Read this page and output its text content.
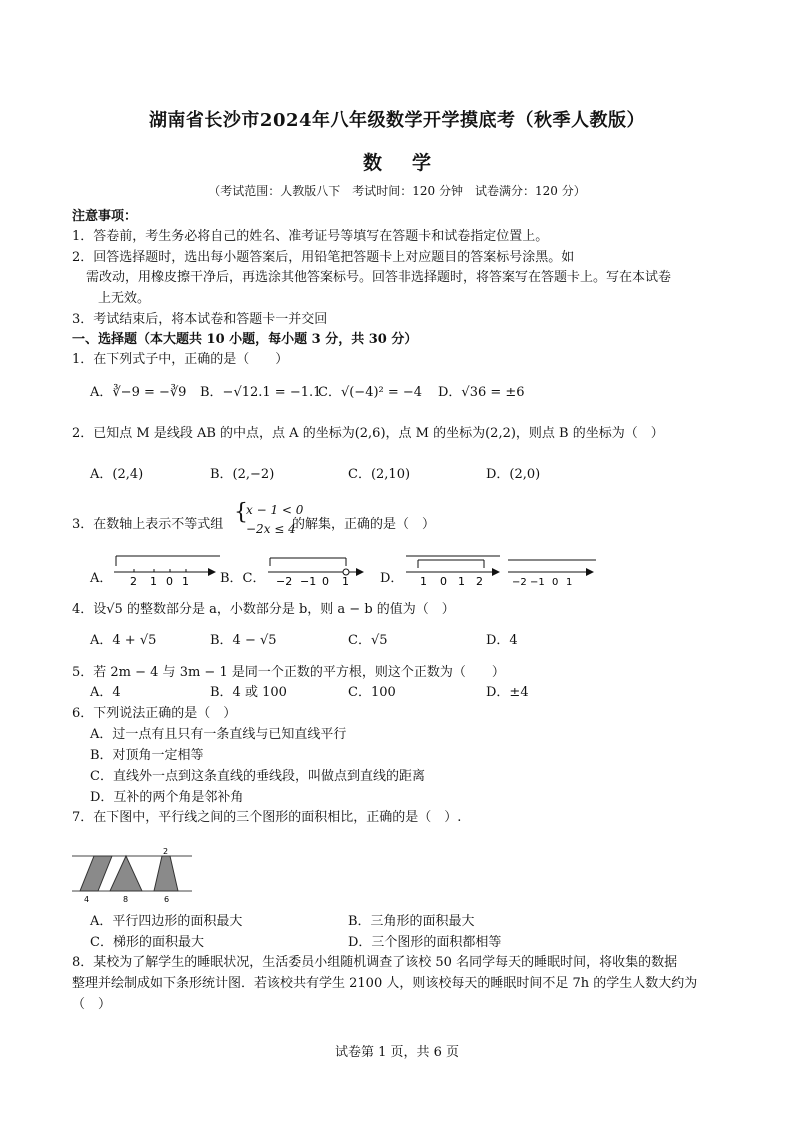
湖南省长沙市2024年八年级数学开学摸底考（秋季人教版）
数学
（考试范围：人教版八下　考试时间：120 分钟　试卷满分：120 分）
注意事项：
1．答卷前，考生务必将自己的姓名、准考证号等填写在答题卡和试卷指定位置上。
2．回答选择题时，选出每小题答案后，用铅笔把答题卡上对应题目的答案标号涂黑。如
需改动，用橡皮擦干净后，再选涂其他答案标号。回答非选择题时，将答案写在答题卡上。写在本试卷
上无效。
3．考试结束后，将本试卷和答题卡一并交回
一、选择题（本大题共 10 小题，每小题 3 分，共 30 分）
1．在下列式子中，正确的是（　　）
A．∛−9 = −∛9 B．−√12.1 = −1.1
C．√(−4)² = −4 D．√36 = ±6
2．已知点 M 是线段 AB 的中点，点 A 的坐标为(2,6)，点 M 的坐标为(2,2)，则点 B 的坐标为（　）
A．(2,4)	B．(2,−2)	C．(2,10)	D．(2,0)
3．在数轴上表示不等式组 {
x − 1 < 0
−2x ≤ 4
的解集，正确的是（　）
A．	B．C．	D．
2 1 0 1	−2 −1 0 1	1 0 1 2	−2 −1 0 1
4．设√5 的整数部分是 a，小数部分是 b，则 a − b 的值为（　）
A．4 + √5	B．4 − √5	C．√5	D．4
5．若 2m − 4 与 3m − 1 是同一个正数的平方根，则这个正数为（　　）
A．4	B．4 或 100	C．100	D．±4
6．下列说法正确的是（　）
A．过一点有且只有一条直线与已知直线平行
B．对顶角一定相等
C．直线外一点到这条直线的垂线段，叫做点到直线的距离
D．互补的两个角是邻补角
7．在下图中，平行线之间的三个图形的面积相比，正确的是（　）.
4	8	6
2
A．平行四边形的面积最大	B．三角形的面积最大
C．梯形的面积最大	D．三个图形的面积都相等
8．某校为了解学生的睡眠状况，生活委员小组随机调查了该校 50 名同学每天的睡眠时间，将收集的数据
整理并绘制成如下条形统计图．若该校共有学生 2100 人，则该校每天的睡眠时间不足 7h 的学生人数大约为
（　）
试卷第 1 页，共 6 页
